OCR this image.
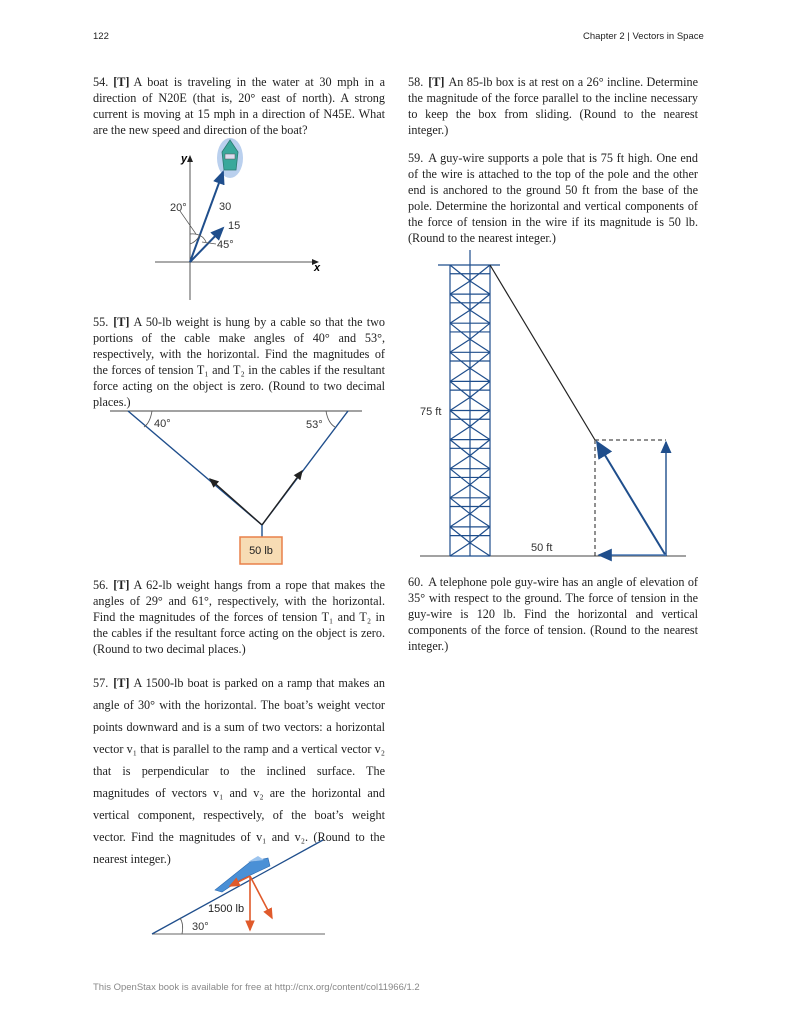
122	Chapter 2 | Vectors in Space

54. [T] A boat is traveling in the water at 30 mph in a direction of N20E (that is, 20° east of north). A strong current is moving at 15 mph in a direction of N45E. What are the new speed and direction of the boat?

y
x
20°
45°
30
15

55. [T] A 50-lb weight is hung by a cable so that the two portions of the cable make angles of 40° and 53°, respectively, with the horizontal. Find the magnitudes of the forces of tension T₁ and T₂ in the cables if the resultant force acting on the object is zero. (Round to two decimal places.)

40°	53°
50 lb

56. [T] A 62-lb weight hangs from a rope that makes the angles of 29° and 61°, respectively, with the horizontal. Find the magnitudes of the forces of tension T₁ and T₂ in the cables if the resultant force acting on the object is zero. (Round to two decimal places.)

57. [T] A 1500-lb boat is parked on a ramp that makes an angle of 30° with the horizontal. The boat’s weight vector points downward and is a sum of two vectors: a horizontal vector v₁ that is parallel to the ramp and a vertical vector v₂ that is perpendicular to the inclined surface. The magnitudes of vectors v₁ and v₂ are the horizontal and vertical component, respectively, of the boat’s weight vector. Find the magnitudes of v₁ and v₂. (Round to the nearest integer.)

30°
1500 lb

58. [T] An 85-lb box is at rest on a 26° incline. Determine the magnitude of the force parallel to the incline necessary to keep the box from sliding. (Round to the nearest integer.)

59. A guy-wire supports a pole that is 75 ft high. One end of the wire is attached to the top of the pole and the other end is anchored to the ground 50 ft from the base of the pole. Determine the horizontal and vertical components of the force of tension in the wire if its magnitude is 50 lb. (Round to the nearest integer.)

75 ft
50 ft

60. A telephone pole guy-wire has an angle of elevation of 35° with respect to the ground. The force of tension in the guy-wire is 120 lb. Find the horizontal and vertical components of the force of tension. (Round to the nearest integer.)

This OpenStax book is available for free at http://cnx.org/content/col11966/1.2
